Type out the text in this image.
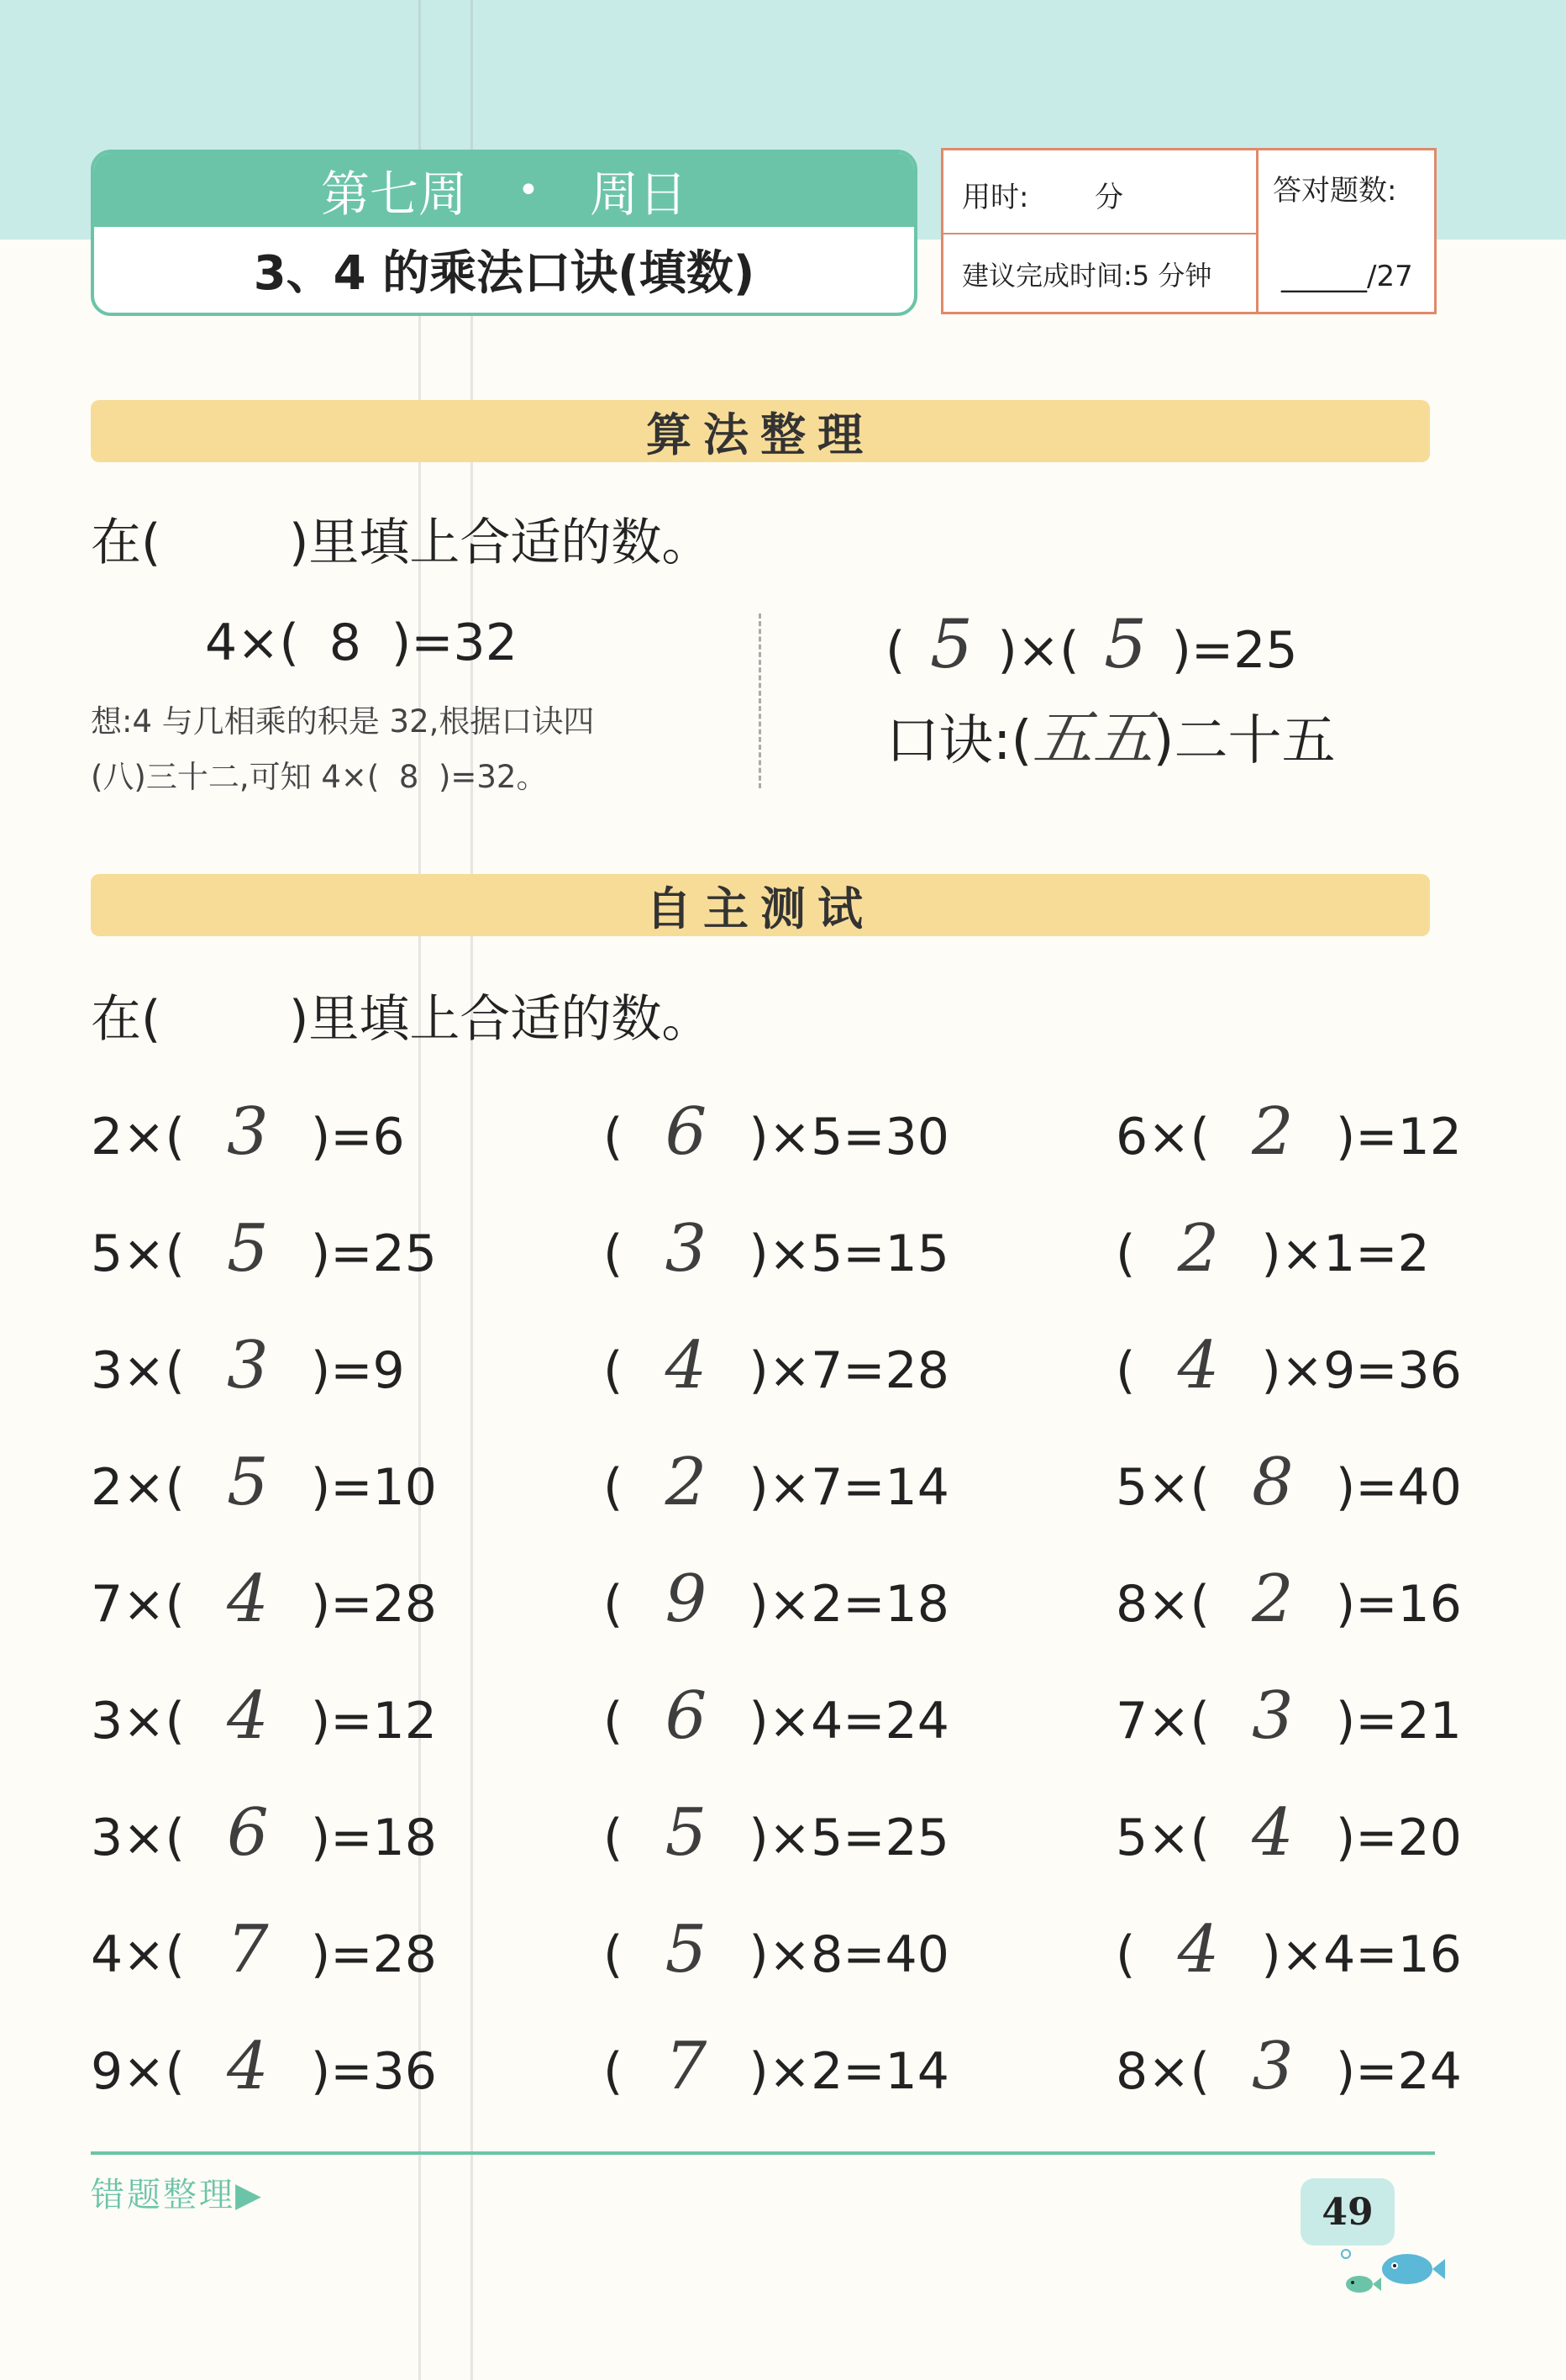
第七周 • 周日
3、4 的乘法口诀(填数)
用时: 分
建议完成时间:5 分钟
答对题数:
______/27
算法整理
在(        )里填上合适的数。
4×( 8 )=32
想:4 与几相乘的积是 32,根据口诀四
(八)三十二,可知 4×(  8  )=32。
( 5 )×( 5 )=25
口诀:(五五)二十五
自主测试
在(        )里填上合适的数。
2×( 3 )=6
5×( 5 )=25
3×( 3 )=9
2×( 5 )=10
7×( 4 )=28
3×( 4 )=12
3×( 6 )=18
4×( 7 )=28
9×( 4 )=36
( 6 )×5=30
( 3 )×5=15
( 4 )×7=28
( 2 )×7=14
( 9 )×2=18
( 6 )×4=24
( 5 )×5=25
( 5 )×8=40
( 7 )×2=14
6×( 2 )=12
( 2 )×1=2
( 4 )×9=36
5×( 8 )=40
8×( 2 )=16
7×( 3 )=21
5×( 4 )=20
( 4 )×4=16
8×( 3 )=24
错题整理▶	49
